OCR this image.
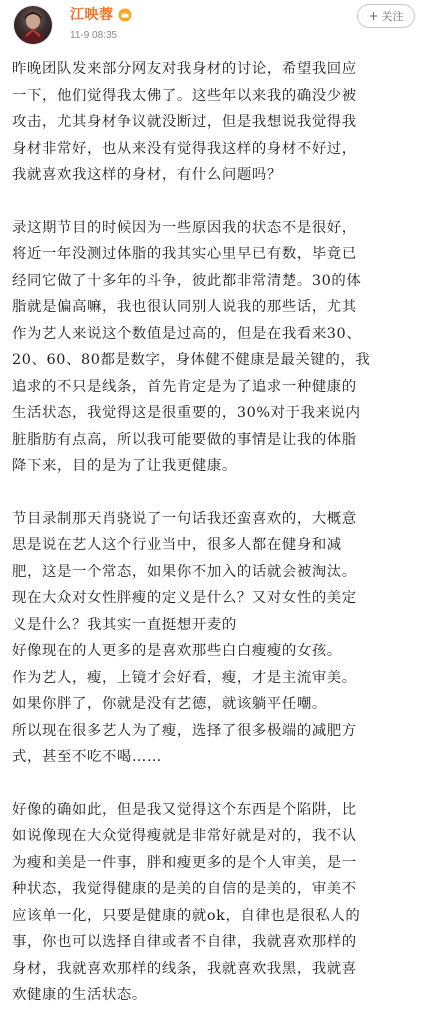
江映蓉
11-9 08:35
+ 关注

昨晚团队发来部分网友对我身材的讨论，希望我回应
一下，他们觉得我太佛了。这些年以来我的确没少被
攻击，尤其身材争议就没断过，但是我想说我觉得我
身材非常好，也从来没有觉得我这样的身材不好过，
我就喜欢我这样的身材，有什么问题吗？

录这期节目的时候因为一些原因我的状态不是很好，
将近一年没测过体脂的我其实心里早已有数，毕竟已
经同它做了十多年的斗争，彼此都非常清楚。30的体
脂就是偏高嘛，我也很认同别人说我的那些话，尤其
作为艺人来说这个数值是过高的，但是在我看来30、
20、60、80都是数字，身体健不健康是最关键的，我
追求的不只是线条，首先肯定是为了追求一种健康的
生活状态，我觉得这是很重要的，30%对于我来说内
脏脂肪有点高，所以我可能要做的事情是让我的体脂
降下来，目的是为了让我更健康。

节目录制那天肖骁说了一句话我还蛮喜欢的，大概意
思是说在艺人这个行业当中，很多人都在健身和减
肥，这是一个常态，如果你不加入的话就会被淘汰。
现在大众对女性胖瘦的定义是什么？又对女性的美定
义是什么？我其实一直挺想开麦的
好像现在的人更多的是喜欢那些白白瘦瘦的女孩。
作为艺人，瘦，上镜才会好看，瘦，才是主流审美。
如果你胖了，你就是没有艺德，就该躺平任嘲。
所以现在很多艺人为了瘦，选择了很多极端的减肥方
式，甚至不吃不喝……

好像的确如此，但是我又觉得这个东西是个陷阱，比
如说像现在大众觉得瘦就是非常好就是对的，我不认
为瘦和美是一件事，胖和瘦更多的是个人审美，是一
种状态，我觉得健康的是美的自信的是美的，审美不
应该单一化，只要是健康的就ok，自律也是很私人的
事，你也可以选择自律或者不自律，我就喜欢那样的
身材，我就喜欢那样的线条，我就喜欢我黑，我就喜
欢健康的生活状态。
